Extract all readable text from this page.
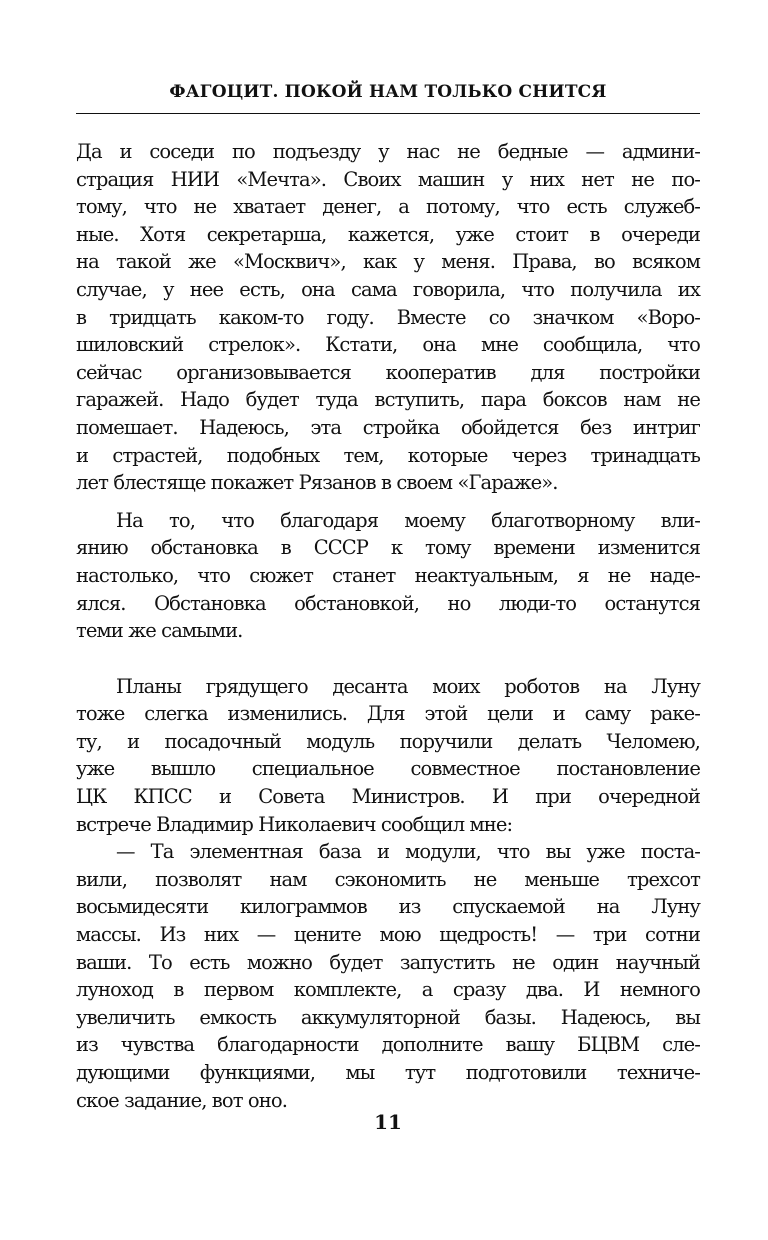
ФАГОЦИТ. ПОКОЙ НАМ ТОЛЬКО СНИТСЯ
Да и соседи по подъезду у нас не бедные — админи-
страция НИИ «Мечта». Своих машин у них нет не по-
тому, что не хватает денег, а потому, что есть служеб-
ные. Хотя секретарша, кажется, уже стоит в очереди
на такой же «Москвич», как у меня. Права, во всяком
случае, у нее есть, она сама говорила, что получила их
в тридцать каком-то году. Вместе со значком «Воро-
шиловский стрелок». Кстати, она мне сообщила, что
сейчас организовывается кооператив для постройки
гаражей. Надо будет туда вступить, пара боксов нам не
помешает. Надеюсь, эта стройка обойдется без интриг
и страстей, подобных тем, которые через тринадцать
лет блестяще покажет Рязанов в своем «Гараже».
На то, что благодаря моему благотворному вли-
янию обстановка в СССР к тому времени изменится
настолько, что сюжет станет неактуальным, я не наде-
ялся. Обстановка обстановкой, но люди-то останутся
теми же самыми.
Планы грядущего десанта моих роботов на Луну
тоже слегка изменились. Для этой цели и саму раке-
ту, и посадочный модуль поручили делать Челомею,
уже вышло специальное совместное постановление
ЦК КПСС и Совета Министров. И при очередной
встрече Владимир Николаевич сообщил мне:
— Та элементная база и модули, что вы уже поста-
вили, позволят нам сэкономить не меньше трехсот
восьмидесяти килограммов из спускаемой на Луну
массы. Из них — цените мою щедрость! — три сотни
ваши. То есть можно будет запустить не один научный
луноход в первом комплекте, а сразу два. И немного
увеличить емкость аккумуляторной базы. Надеюсь, вы
из чувства благодарности дополните вашу БЦВМ сле-
дующими функциями, мы тут подготовили техниче-
ское задание, вот оно.
11
